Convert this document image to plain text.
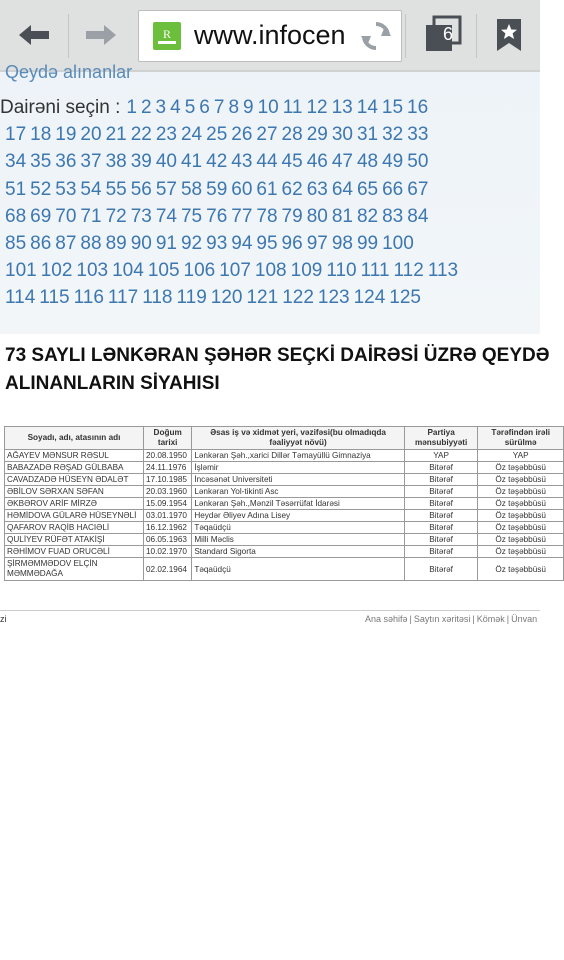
R www.infocen	6
Qeydə alınanlar
Dairəni seçin : 1 2 3 4 5 6 7 8 9 10 11 12 13 14 15 16
17 18 19 20 21 22 23 24 25 26 27 28 29 30 31 32 33
34 35 36 37 38 39 40 41 42 43 44 45 46 47 48 49 50
51 52 53 54 55 56 57 58 59 60 61 62 63 64 65 66 67
68 69 70 71 72 73 74 75 76 77 78 79 80 81 82 83 84
85 86 87 88 89 90 91 92 93 94 95 96 97 98 99 100
101 102 103 104 105 106 107 108 109 110 111 112 113
114 115 116 117 118 119 120 121 122 123 124 125
73 SAYLI LƏNKƏRAN ŞƏHƏR SEÇKİ DAİRƏSİ ÜZRƏ QEYDƏ
ALINANLARIN SİYAHISI
Soyadı, adı, atasının adı	Doğum tarixi	Əsas iş və xidmət yeri, vəzifəsi(bu olmadıqda fəaliyyət növü)	Partiya mənsubiyyəti	Tərəfindən irəli sürülmə
AĞAYEV MƏNSUR RƏSUL	20.08.1950	Lənkəran Şəh.,xarici Dillər Təmayüllü Gimnaziya	YAP	YAP
BABAZADƏ RƏŞAD GÜLBABA	24.11.1976	İşlәmir	Bitərəf	Öz təşəbbüsü
CAVADZADƏ HÜSEYN ƏDALƏT	17.10.1985	İncəsənət Universiteti	Bitərəf	Öz təşəbbüsü
ƏBİLOV SƏRXAN SƏFAN	20.03.1960	Lənkəran Yol-tikinti Asc	Bitərəf	Öz təşəbbüsü
ƏKBƏROV ARİF MİRZƏ	15.09.1954	Lənkəran Şəh.,Mənzil Təsərrüfat İdarəsi	Bitərəf	Öz təşəbbüsü
HƏMİDOVA GÜLARƏ HÜSEYNƏLİ	03.01.1970	Heydər Əliyev Adına Lisey	Bitərəf	Öz təşəbbüsü
QAFAROV RAQİB HACIƏLİ	16.12.1962	Təqaüdçü	Bitərəf	Öz təşəbbüsü
QULİYEV RÜFƏT ATAKİŞİ	06.05.1963	Milli Məclis	Bitərəf	Öz təşəbbüsü
RƏHİMOV FUAD ORUCƏLİ	10.02.1970	Standard Sigorta	Bitərəf	Öz təşəbbüsü
ŞİRMƏMMƏDOV ELÇİN MƏMMƏDAĞA	02.02.1964	Təqaüdçü	Bitərəf	Öz təşəbbüsü
zi	Ana səhifə | Saytın xəritəsi | Kömək | Ünvan
